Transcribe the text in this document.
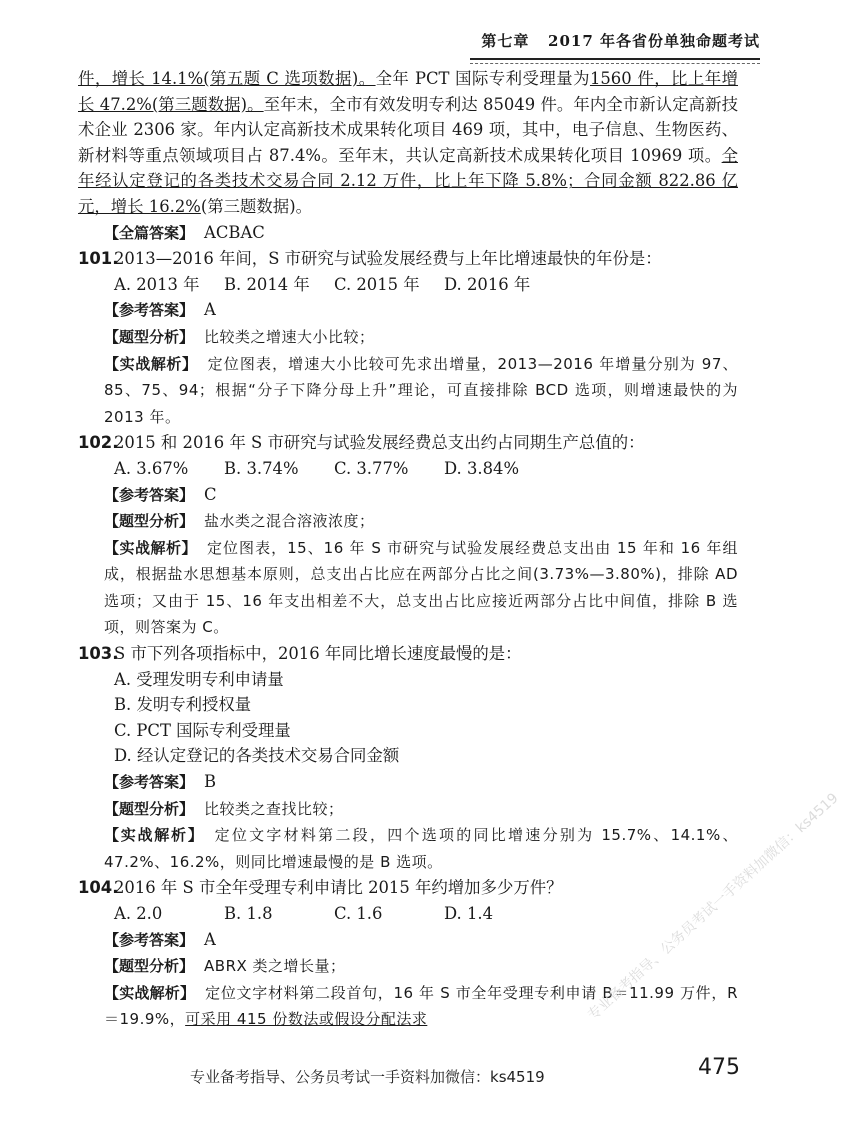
第七章 2017 年各省份单独命题考试

件，增长 14.1%(第五题 C 选项数据)。全年 PCT 国际专利受理量为1560 件，比上年增长 47.2%(第三题数据)。至年末，全市有效发明专利达 85049 件。年内全市新认定高新技术企业 2306 家。年内认定高新技术成果转化项目 469 项，其中，电子信息、生物医药、新材料等重点领域项目占 87.4%。至年末，共认定高新技术成果转化项目 10969 项。全年经认定登记的各类技术交易合同 2.12 万件，比上年下降 5.8%；合同金额 822.86 亿元，增长 16.2%(第三题数据)。

【全篇答案】 ACBAC
101.
2013—2016 年间，S 市研究与试验发展经费与上年比增速最快的年份是：
A. 2013 年	B. 2014 年	C. 2015 年	D. 2016 年
【参考答案】 A
【题型分析】 比较类之增速大小比较；

【实战解析】 定位图表，增速大小比较可先求出增量，2013—2016 年增量分别为 97、85、75、94；根据“分子下降分母上升”理论，可直接排除 BCD 选项，则增速最快的为 2013 年。

102.
2015 和 2016 年 S 市研究与试验发展经费总支出约占同期生产总值的：
A. 3.67%	B. 3.74%	C. 3.77%	D. 3.84%
【参考答案】 C
【题型分析】 盐水类之混合溶液浓度；

【实战解析】 定位图表，15、16 年 S 市研究与试验发展经费总支出由 15 年和 16 年组成，根据盐水思想基本原则，总支出占比应在两部分占比之间(3.73%—3.80%)，排除 AD 选项；又由于 15、16 年支出相差不大，总支出占比应接近两部分占比中间值，排除 B 选项，则答案为 C。

103.
S 市下列各项指标中，2016 年同比增长速度最慢的是：
A. 受理发明专利申请量
B. 发明专利授权量
C. PCT 国际专利受理量
D. 经认定登记的各类技术交易合同金额
【参考答案】 B
【题型分析】 比较类之查找比较；

【实战解析】 定位文字材料第二段，四个选项的同比增速分别为 15.7%、14.1%、47.2%、16.2%，则同比增速最慢的是 B 选项。

104.
2016 年 S 市全年受理专利申请比 2015 年约增加多少万件？
A. 2.0	B. 1.8	C. 1.6	D. 1.4
【参考答案】 A
【题型分析】 ABRX 类之增长量；

【实战解析】 定位文字材料第二段首句，16 年 S 市全年受理专利申请 B＝11.99 万件，R＝19.9%，可采用 415 份数法或假设分配法求	专业备考指导、公务员考试一手资料加微信：ks4519
专业备考指导、公务员考试一手资料加微信：ks4519	475
